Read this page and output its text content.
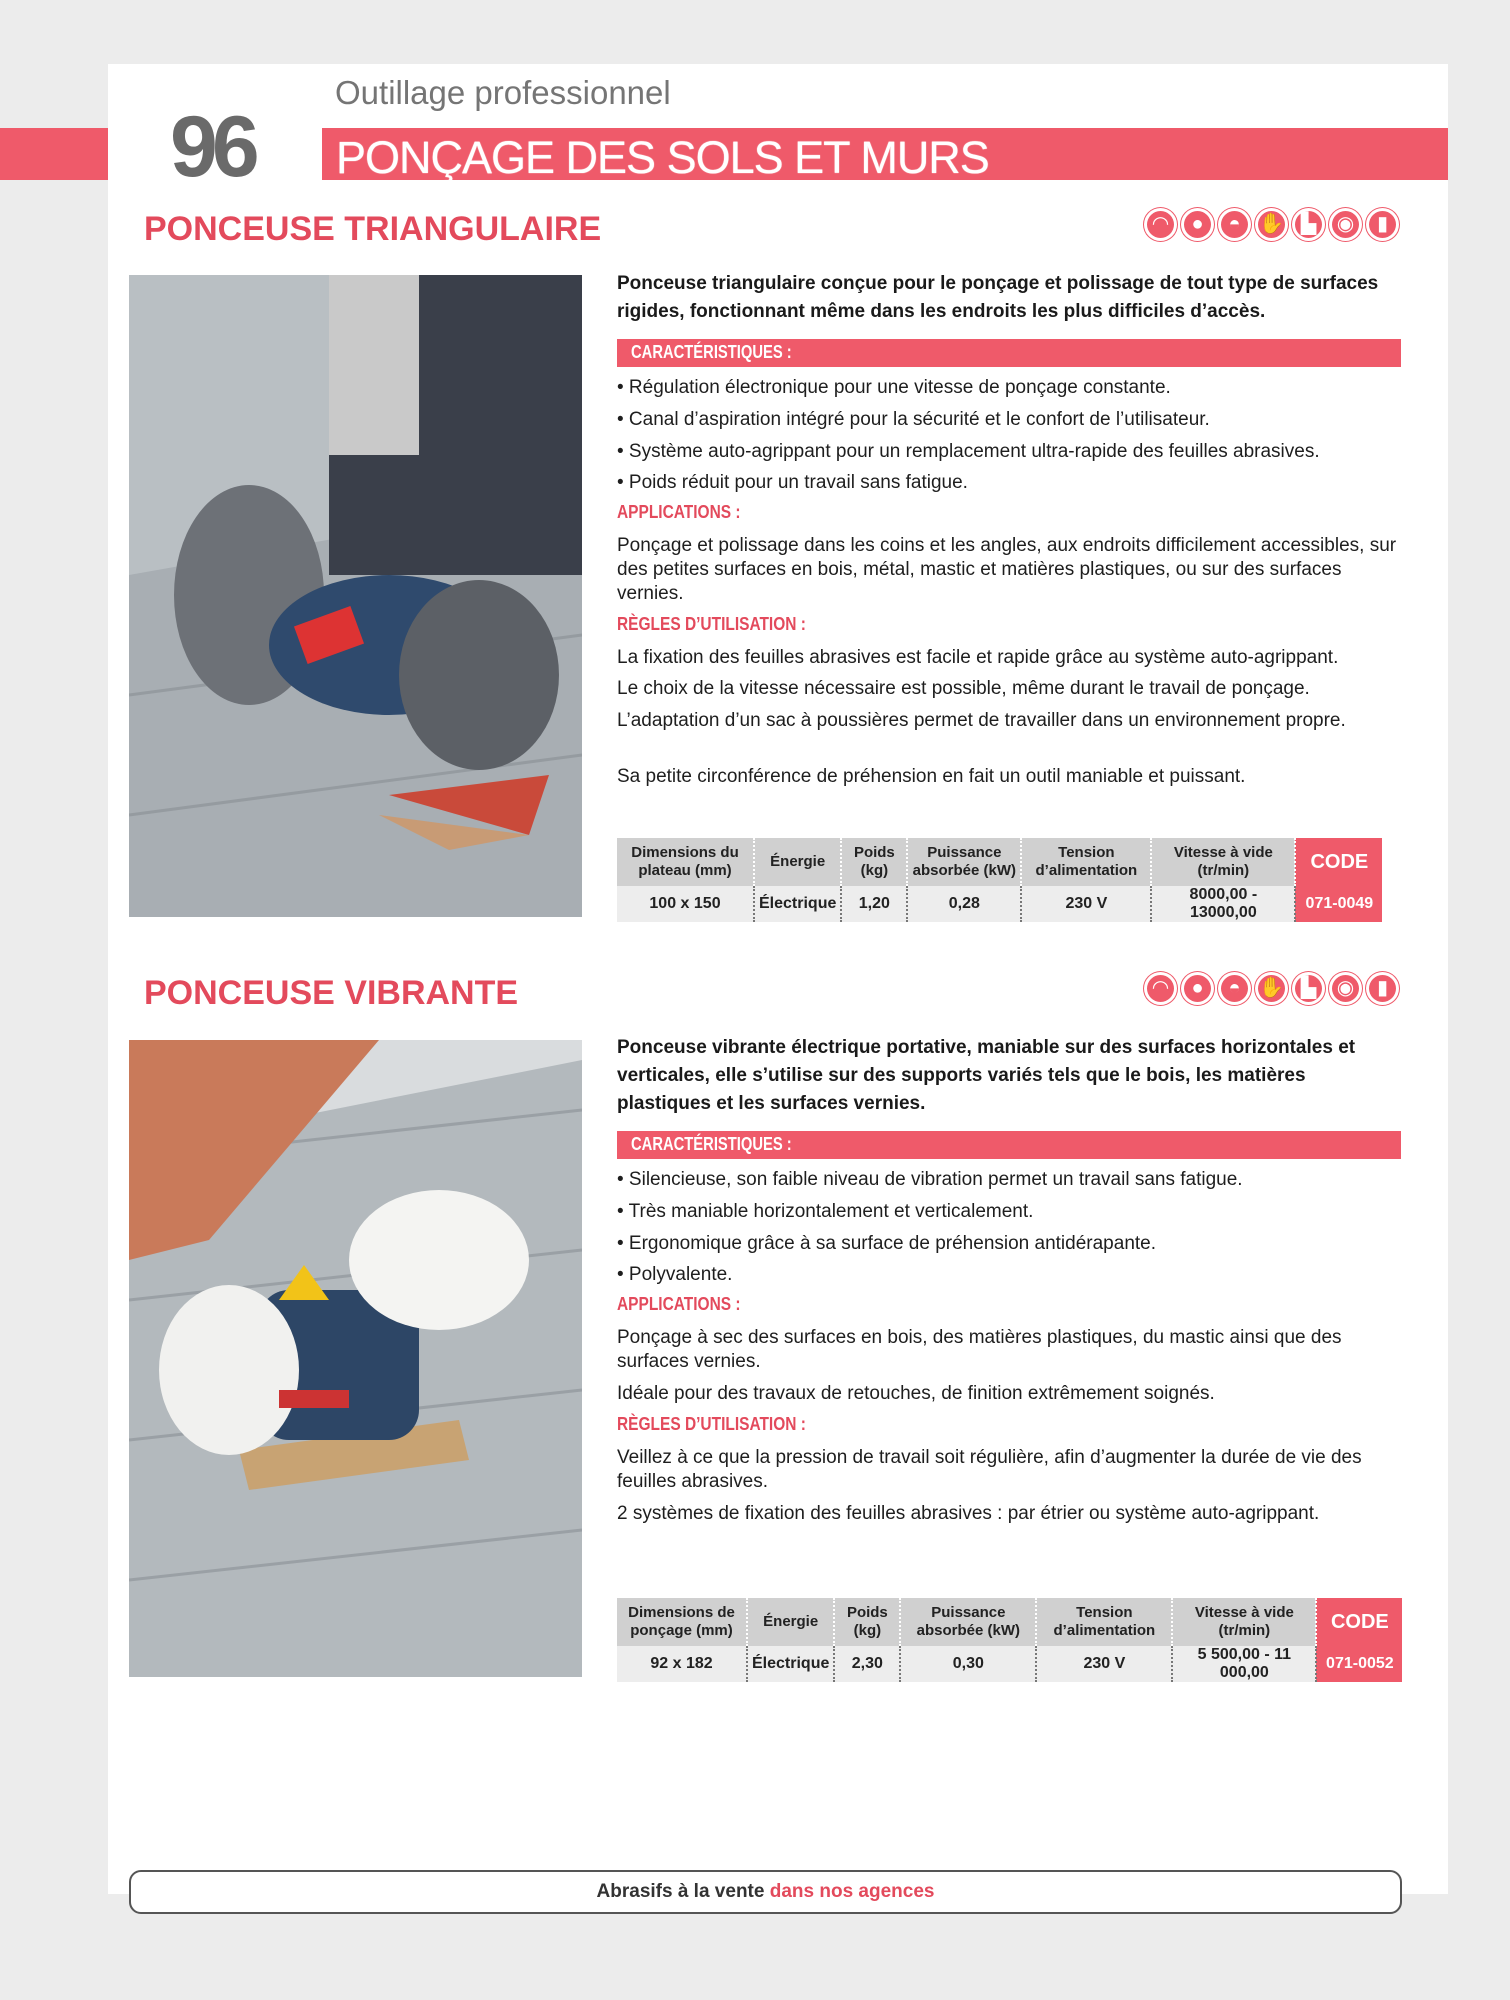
Outillage professionnel
96 PONÇAGE DES SOLS ET MURS
PONCEUSE TRIANGULAIRE	◠	●	◓ ✋ ▙	◉	▮
Ponceuse triangulaire conçue pour le ponçage et polissage de tout type de surfaces rigides, fonctionnant même dans les endroits les plus difficiles d’accès.
CARACTÉRISTIQUES :
• Régulation électronique pour une vitesse de ponçage constante.
• Canal d’aspiration intégré pour la sécurité et le confort de l’utilisateur.
• Système auto-agrippant pour un remplacement ultra-rapide des feuilles abrasives.
• Poids réduit pour un travail sans fatigue.
APPLICATIONS :
Ponçage et polissage dans les coins et les angles, aux endroits difficilement accessibles, sur des petites surfaces en bois, métal, mastic et matières plastiques, ou sur des surfaces vernies.
RÈGLES D’UTILISATION :
La fixation des feuilles abrasives est facile et rapide grâce au système auto-agrippant.
Le choix de la vitesse nécessaire est possible, même durant le travail de ponçage.
L’adaptation d’un sac à poussières permet de travailler dans un environnement propre.
Sa petite circonférence de préhension en fait un outil maniable et puissant.
Dimensions du plateau (mm)	Énergie	Poids (kg)	Puissance absorbée (kW)	Tension d’alimentation	Vitesse à vide (tr/min)	CODE
100 x 150	Électrique	1,20	0,28	230 V	8000,00 - 13000,00	071-0049
PONCEUSE VIBRANTE	◠	●	◓ ✋ ▙	◉	▮
Ponceuse vibrante électrique portative, maniable sur des surfaces horizontales et verticales, elle s’utilise sur des supports variés tels que le bois, les matières plastiques et les surfaces vernies.
CARACTÉRISTIQUES :
• Silencieuse, son faible niveau de vibration permet un travail sans fatigue.
• Très maniable horizontalement et verticalement.
• Ergonomique grâce à sa surface de préhension antidérapante.
• Polyvalente.
APPLICATIONS :
Ponçage à sec des surfaces en bois, des matières plastiques, du mastic ainsi que des surfaces vernies.
Idéale pour des travaux de retouches, de finition extrêmement soignés.
RÈGLES D’UTILISATION :
Veillez à ce que la pression de travail soit régulière, afin d’augmenter la durée de vie des feuilles abrasives.
2 systèmes de fixation des feuilles abrasives : par étrier ou système auto-agrippant.
Dimensions de ponçage (mm)	Énergie	Poids (kg)	Puissance absorbée (kW)	Tension d’alimentation	Vitesse à vide (tr/min)	CODE
92 x 182	Électrique	2,30	0,30	230 V	5 500,00 - 11 000,00	071-0052
Abrasifs à la vente dans nos agences
